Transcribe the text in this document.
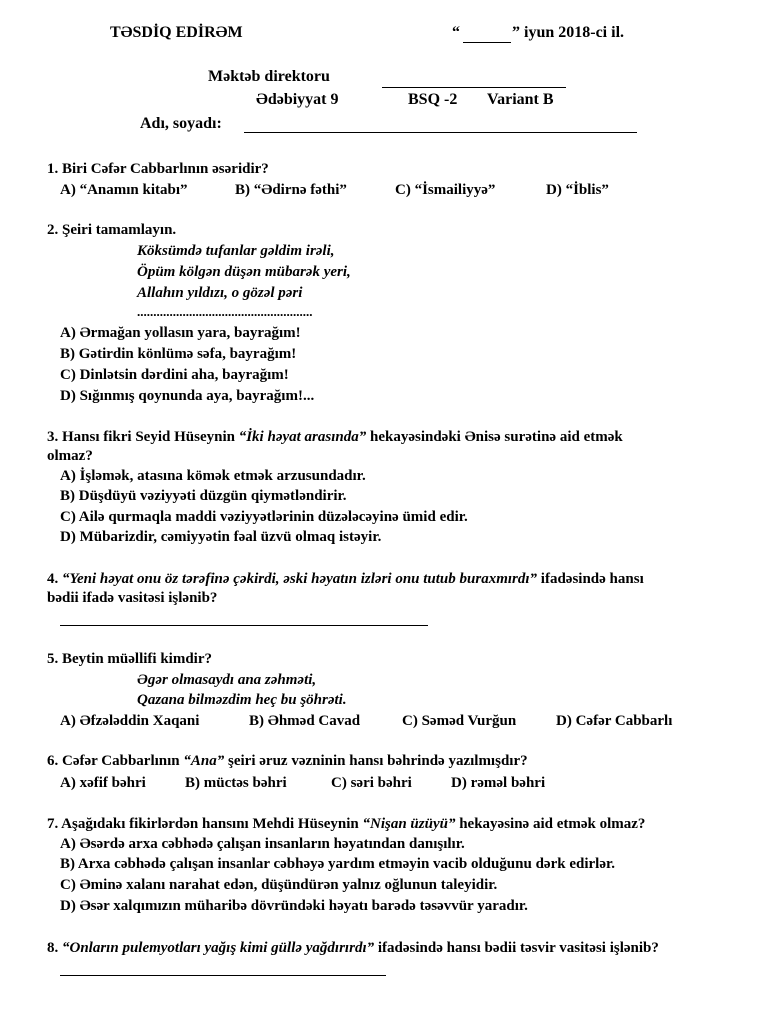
TƏSDİQ EDİRƏM	“	” iyun 2018-ci il.
Məktəb direktoru
Ədəbiyyat 9	BSQ -2 Variant B
Adı, soyadı:
1. Biri Cəfər Cabbarlının əsəridir?
A) “Anamın kitabı”	B) “Ədirnə fəthi”	C) “İsmailiyyə”	D) “İblis”
2. Şeiri tamamlayın.
Köksümdə tufanlar gəldim irəli,
Öpüm kölgən düşən mübarək yeri,
Allahın yıldızı, o gözəl pəri
......................................................
A) Ərmağan yollasın yara, bayrağım!
B) Gətirdin könlümə səfa, bayrağım!
C) Dinlətsin dərdini aha, bayrağım!
D) Sığınmış qoynunda aya, bayrağım!...
3. Hansı fikri Seyid Hüseynin “İki həyat arasında” hekayəsindəki Ənisə surətinə aid etmək
olmaz?
A) İşləmək, atasına kömək etmək arzusundadır.
B) Düşdüyü vəziyyəti düzgün qiymətləndirir.
C) Ailə qurmaqla maddi vəziyyətlərinin düzələcəyinə ümid edir.
D) Mübarizdir, cəmiyyətin fəal üzvü olmaq istəyir.
4. “Yeni həyat onu öz tərəfinə çəkirdi, əski həyatın izləri onu tutub buraxmırdı” ifadəsində hansı
bədii ifadə vasitəsi işlənib?
5. Beytin müəllifi kimdir?
Əgər olmasaydı ana zəhməti,
Qazana bilməzdim heç bu şöhrəti.
A) Əfzələddin Xaqani	B) Əhməd Cavad	C) Səməd Vurğun	D) Cəfər Cabbarlı
6. Cəfər Cabbarlının “Ana” şeiri əruz vəzninin hansı bəhrində yazılmışdır?
A) xəfif bəhri	B) müctəs bəhri	C) səri bəhri	D) rəməl bəhri
7. Aşağıdakı fikirlərdən hansını Mehdi Hüseynin “Nişan üzüyü” hekayəsinə aid etmək olmaz?
A) Əsərdə arxa cəbhədə çalışan insanların həyatından danışılır.
B) Arxa cəbhədə çalışan insanlar cəbhəyə yardım etməyin vacib olduğunu dərk edirlər.
C) Əminə xalanı narahat edən, düşündürən yalnız oğlunun taleyidir.
D) Əsər xalqımızın müharibə dövründəki həyatı barədə təsəvvür yaradır.
8. “Onların pulemyotları yağış kimi güllə yağdırırdı” ifadəsində hansı bədii təsvir vasitəsi işlənib?
